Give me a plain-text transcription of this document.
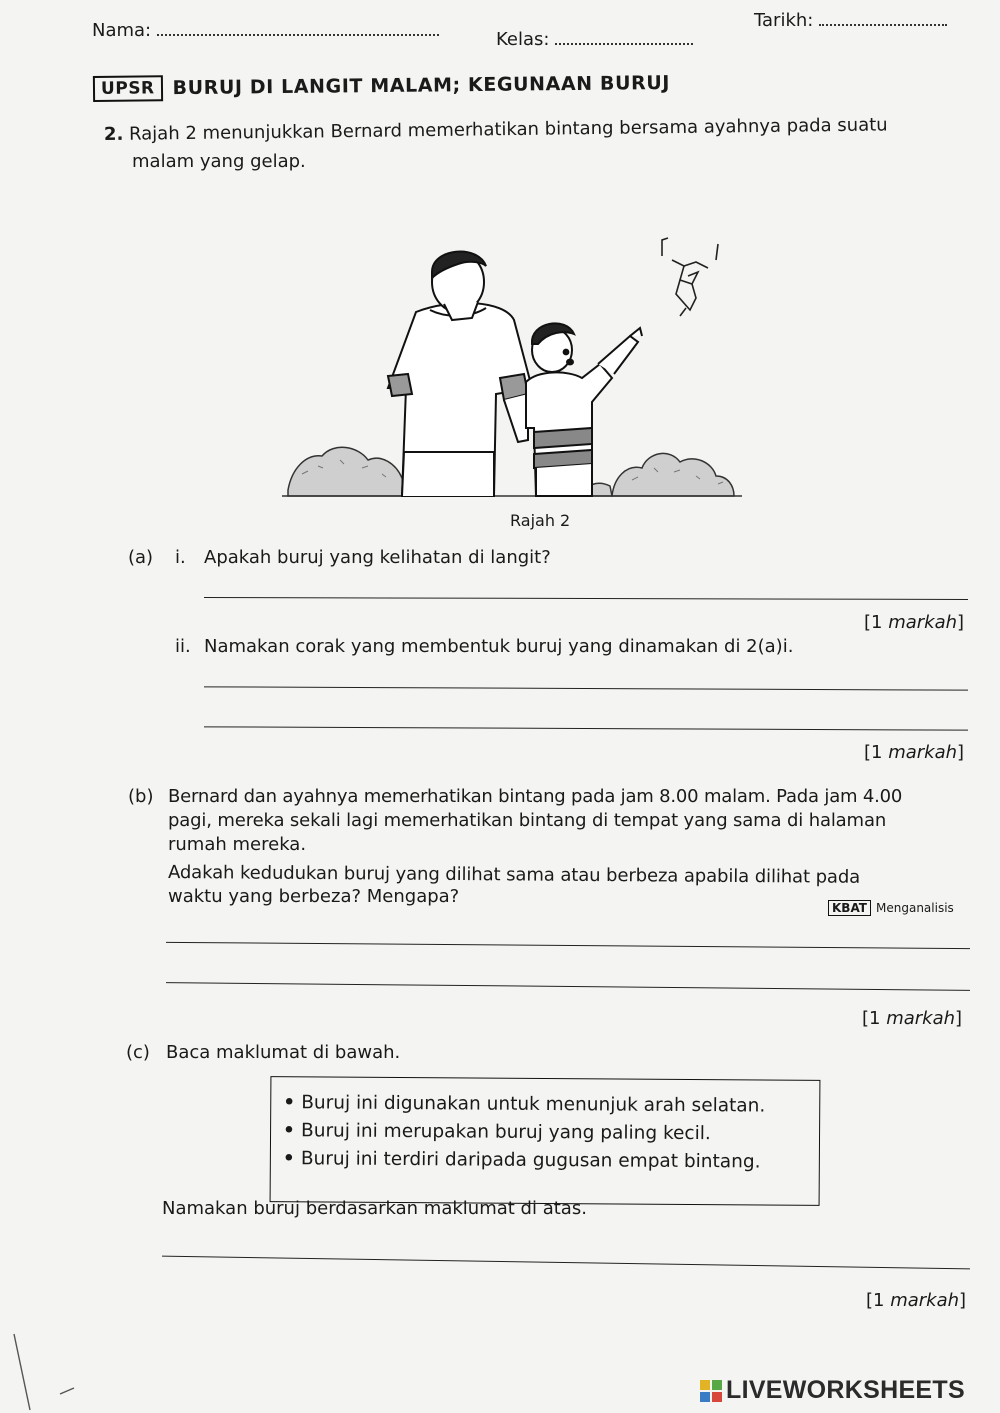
Nama:	Kelas:
Tarikh:
UPSR BURUJ DI LANGIT MALAM; KEGUNAAN BURUJ
2. Rajah 2 menunjukkan Bernard memerhatikan bintang bersama ayahnya pada suatu
malam yang gelap.
Rajah 2
(a) i. Apakah buruj yang kelihatan di langit?
[1 markah]
ii. Namakan corak yang membentuk buruj yang dinamakan di 2(a)i.
[1 markah]
(b) Bernard dan ayahnya memerhatikan bintang pada jam 8.00 malam. Pada jam 4.00
pagi, mereka sekali lagi memerhatikan bintang di tempat yang sama di halaman
rumah mereka.
Adakah kedudukan buruj yang dilihat sama atau berbeza apabila dilihat pada
waktu yang berbeza? Mengapa?
KBAT Menganalisis
[1 markah]
(c) Baca maklumat di bawah.
• Buruj ini digunakan untuk menunjuk arah selatan.
• Buruj ini merupakan buruj yang paling kecil.
• Buruj ini terdiri daripada gugusan empat bintang.
Namakan buruj berdasarkan maklumat di atas.
[1 markah]
LIVEWORKSHEETS
